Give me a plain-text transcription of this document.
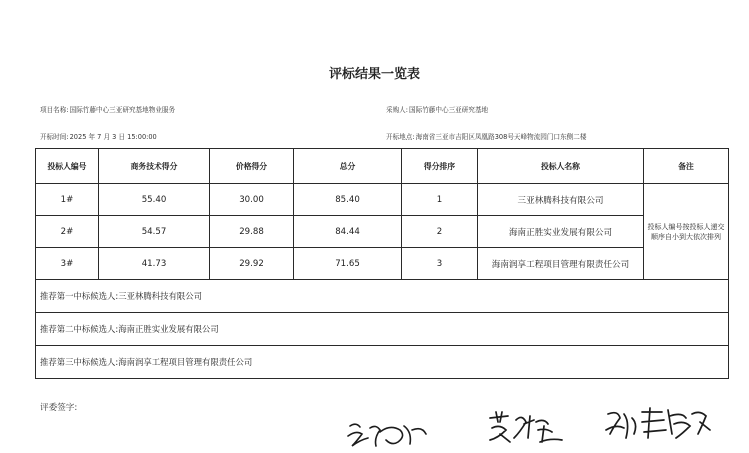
评标结果一览表
项目名称:国际竹藤中心三亚研究基地物业服务	采购人:国际竹藤中心三亚研究基地
开标时间:2025 年 7 月 3 日 15:00:00	开标地点:海南省三亚市吉阳区凤凰路308号天峰物流园门口东侧二楼
投标人编号	商务技术得分	价格得分	总分	得分排序	投标人名称	备注
1#	55.40	30.00	85.40	1	三亚林腾科技有限公司	投标人编号按投标人递交顺序自小到大依次排列
2#	54.57	29.88	84.44	2	海南正胜实业发展有限公司	
3#	41.73	29.92	71.65	3	海南润享工程项目管理有限责任公司	
推荐第一中标候选人:三亚林腾科技有限公司						
推荐第二中标候选人:海南正胜实业发展有限公司						
推荐第三中标候选人:海南润享工程项目管理有限责任公司						
评委签字:
